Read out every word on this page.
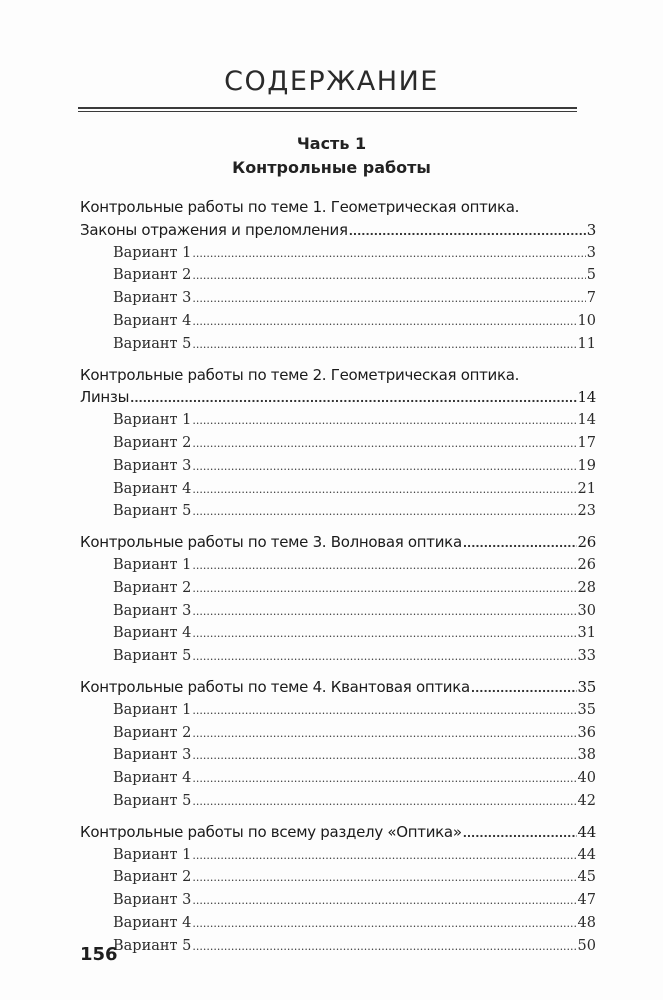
СОДЕРЖАНИЕ
Часть 1
Контрольные работы
Контрольные работы по теме 1. Геометрическая оптика.
Законы отражения и преломления .....	3
Вариант 1 .....	3
Вариант 2 .....	5
Вариант 3 .....	7
Вариант 4 .....	10
Вариант 5 .....	11
Контрольные работы по теме 2. Геометрическая оптика.
Линзы .....	14
Вариант 1 .....	14
Вариант 2 .....	17
Вариант 3 .....	19
Вариант 4 .....	21
Вариант 5 .....	23
Контрольные работы по теме 3. Волновая оптика .....	26
Вариант 1 .....	26
Вариант 2 .....	28
Вариант 3 .....	30
Вариант 4 .....	31
Вариант 5 .....	33
Контрольные работы по теме 4. Квантовая оптика .....	35
Вариант 1 .....	35
Вариант 2 .....	36
Вариант 3 .....	38
Вариант 4 .....	40
Вариант 5 .....	42
Контрольные работы по всему разделу «Оптика» .....	44
Вариант 1 .....	44
Вариант 2 .....	45
Вариант 3 .....	47
Вариант 4 .....	48
Вариант 5 .....	50
156
